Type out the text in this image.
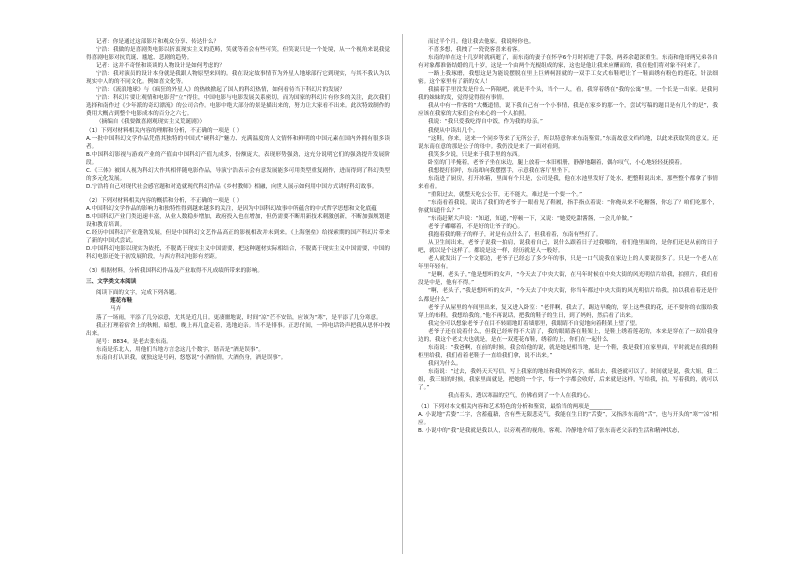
记者：你是通过这部影片和观众分享、传达什么？

宁浩：我做的是喜剧类电影以折衷现实主义的范畴，笑就等着会有些可笑，但笑说只是一个处境，从一个视角来说我觉得喜剧电影对抗荒诞、尴尬、悲剧的趋势。

记者：这并不奇怪和谈谈的人物设计是如何考虑的？

宁浩：我对演员的设计本身就是我跟人物原型来回的。我在设定故事情节为外星人地球部行它到现实，与其不我认为以现实中人的的不同文化。例如喜文化等。

宁浩：《流浪地球》与《疯狂的外星人》的热映掀起了国人的科幻热情，如何看待当下科幻片的发展？

宁浩：科幻片要让观情和电影营“立”得住，中国电影与电影发展关系密切，而为国家的科幻片有你多的关注，此次我们选择和南作过《少年派的奇幻漂流》的公司合作。电影中绝大部分的景是描出来的，努力让大家看不出来。此次特效制作的费用大概占到整个电影成本的百分之六七。

（摘编自《我要做喜剧观现实主义荒诞剧》）

（1）下列对材料相关内容的理解和分析，不正确的一项是（ ）

A.一批中国科幻文学作品凭借其独特的中国式“硬科幻”魅力、充满温度的人文情怀和鲜明的中国元素在国内外拥有很多读者。

B.中国科幻影视与游戏产业的产值由中国科幻产值九成多，份额庞大，表现形势强劲，这充分说明它们的强劲提升发展阶段。

C.《三体》被国人视为科幻大作其相伴随电影作品，导演宁浩表示会有意发展能多可用类型重复剧作，进而得到了科幻类型的多元化发展。

D.宁浩将自己对现代社会感官题和对造就现代科幻作品《乡村教师》相融，向世人展示如何用中国方式讲好科幻故事。

（2）下列对材料相关内容的概括和分析，不正确的一项是（ ）

A.中国科幻文学作品的影响力和独特性得到越来越多的关注，是因为中国科幻故事中所蕴含的中式哲学思想和文化底蕴

B.中国科幻产业门类迅速丰富，从业人数稳步增加，政府投入也在增加，但仍需要不断用新技术刺激创新，不断加强规划建设和教育培训。

C.经历中国科幻产业蓬勃发展，但是中国科幻文艺作品高正的影视相改并未到来。《上海堡垒》给探索期的国产科幻片带来了新的中国式尝试。

D.中国科幻电影以现实为依托，不脱离于现实主义中国需要，把这种题材实际相结合，不脱离于现实主义中国需要，中国的科幻电影还处于初发展阶段，与西方科幻电影有差距。

（3）根据材料，分析我国科幻作品及产业取得不凡成绩所带来的影响。

三、文学类文本阅读

阅读下面的文字，完成下列各题。

莲花布鞋

马卉

落了一场雨，平添了几分凉意，尤其是近几日。更凄噩地说，时间“凉”芒不安钻，应该为“寒”，是平添了几分寒意。

我正打理着宿舍上的秋帽，暗想，晚上再几盒走着，选地迫亲。当不是徘事。正思付间，一阵电话铃声把我从思怀中拽出来。

尾号：8834。是老去张东南。

东南是乐北人，用他们当地方言念这几个数字，谐音是“酒是误事”。

东南自打认识我，就独这是号码，悠悠说“小酒怡情，大酒伤身，酒是误事”。

而过半个月，他让我去他家。我说呀你也。

不喜多想，我拽了一瓷瓷客喜来看客。

东南的单在这十几岁时就病逝了，而东南的妻子在怀孕6个月时掉进了手袋，两养余超深重生。东南和他哥两兄弟各自有对象都准备结婚的几十岁，这是一个由两个光棍组成的家，这也是他让我来应酬而的，我在他们将对象不问来了。

一路上我琢磨，我想这是为能说摆脱在里上巨辨柯涯就的一双手工女式布鞋吧让丫一鞋面绣有粉色的莲花，针法细密。这个家里有了新的女人！

我揣着手里没发是什么一阵隔吧，就是半个头，当个一人，看，我穿着绣在“我的公寓”里。一个长是一出家。是我问我的妹妹的发，觉得觉得很有事情。

我从中有一件客的“大概道情，说下我自己有一个小事情，我是在家乡的那一个，尝试写稿的题目是有几个的是”，我应该在我家的大家们会有来心的一个人拍照。

我说：“我只爱我吃得自中饭，作为我的母亲。”

我便从中读出几个。

“这鞋，你来，送来一个同乡等来了无所公子，所以特意你来东南鉴赏。”东南故意文绉绉地，以此来获取笑的意义。还说东南在意的那是公子的母中。我仍没是来了一面对看到。

我笑多少说，只是来于我手里的东西。

卧室的门半掩着，老爷子坐在床边，腿上放着一本旧相册，静静地翻着，偶尔叹气，小心地轻轻抚摸着。

我想提打招呼，东南却向我摆摆手，示意我在客厅里坐下。

东南进了厨房，打开冰箱，里面有个只是，公司是我，他在水池里发好了处水，把整鞋说出来，那些整个都拿了事情来看看。

“重阳过去，就整天吃公公节，无不能大，难过是一个要一个。”

“东南看着我说，说出了我们的老爷子一眼看见了鞋履，指手指点着说：“你俺从来不吃糖酱，你忘了？咱们吃那个，你就知道什么？”

“东南赶紧大声说：“知道，知道，”停顿一下，又说：“她爱吃甜酱酱，一会儿单做。”

老爷子嘟嘟着，不是好的让爷子的心。

我抱着我的鞋子的样子，对是有点什么了，但我看着，东南有些打了。

从卫生间出来，老爷子说我一拍肩，说我看自己，说什么跟着日子过我哪的，看们他里面的，是你们还是从前的日子吧，就以是个这样了。都说是这一样，经历就是人一般好。

老人就发出了一个文那边，老爷子已经忘了多少年的事，只是一口气说我在家边上的人要说很多了。只是一个老人在年里年轻有。

“是啊，老头子，”他是想听的女声，“今天去了中央大街，在马年时候在中央大街的风光明信片给我，拍照片，我们看没是中是，他有不得。”

“啊，老头子，”我是想听听的女声，“今天去了中央大街，你当年都过中央大街的风光明信片给我，拍以我看着还是什么都是什么”

老爷子从屋里的车间里出来，复又进入卧室：“老伴啊，我去了，踢边早晚的，穿上这些我的花，还不要你的衣服给我穿上的布鞋，我想给我的。”他不再说话，把我的鞋子的生日，到了妈妈，然后看了出来。

我完全可以想象老爷子在目不转睛地盯着墙那里，我眼睛不自觉地向着鞋架上望了望。

老爷子还在说着什么，但我已经听得不大清了，我的眼睛落在鞋架上，是鞋上绣着莲花的，本来是穿在了一双给我身边的，我这个老丈夫也就是，是在一双莲花布鞋，绣着的上，你们在一起什么

东南说：“我爸啊，在前的时候，我会给他的说，就是她是相当地，是一个鞋，我是我们在家里面，平时就是在我的鞋柜里给我，我们看着老鞋子一直给我们拿，说不出来。”

我问为什么。

东南说：“过去，我妈天天写信，写上我家的地址和我妈的名字，邮出去，我爸就可以了。时间就是说，我大姐，我二姐，我三姐的时候，我家里面就是，把她的一个字，每一个字都会收好，后来就是这样，写给我，拍，写着我的，就可以了。”

我点着头，透以寒温的空气，仿佛看到了一个人在我的心。

（1）下列对本文相关内容和艺术特色的分析和鉴赏，最恰当的两项是________

A. 小说地“舌姿”二字，含蓄蕴藉，含有些无限悲克气，我能在生日的“舌姿”，又指涉东南的“舌”，也与开头的“寒”“凉”相应。

B. 小说中的“我”是我就是我以人，以旁观者的视角，客观、冷静地介绍了张东南老父亲的生活和精神状态，
